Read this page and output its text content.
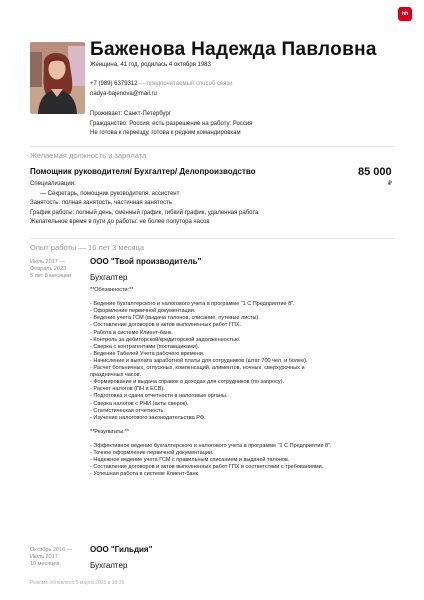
hh
Баженова Надежда Павловна
Женщина, 41 год, родилась 4 октября 1983
+7 (989) 6379312 — предпочитаемый способ связи
nadya-bajenova@mail.ru
Проживает: Санкт-Петербург
Гражданство: Россия, есть разрешение на работу: Россия
Не готова к переезду, готова к редким командировкам
Желаемая должность и зарплата
Помощник руководителя/ Бухгалтер/ Делопроизводство	85 000
₽
Специализации:
— Секретарь, помощник руководителя, ассистент
Занятость: полная занятость, частичная занятость
График работы: полный день, сменный график, гибкий график, удаленная работа
Желательное время в пути до работы: не более полутора часов
Опыт работы — 16 лет 3 месяца
Июль 2017 —
Февраль 2023
5 лет 8 месяцев
ООО "Твой производитель"
Бухгалтер
**Обязанности:**
- Ведение бухгалтерского и налогового учета в программе "1 С Предприятие 8".
- Оформление первичной документации.
- Ведение учета ГСМ (выдача талонов, списание, путевые листы).
- Составление договоров и актов выполненных работ ГПХ.
- Работа в системе Клиент-банк.
- Контроль за дебиторской/кредиторской задолженностью.
- Сверка с контрагентами (поставщиками).
- Ведение Табелей Учета рабочего времени.
- Начисление и выплата заработной платы для сотрудников (штат 700 чел. и более).
- Расчет больничных, отпускных, компенсаций, алиментов, ночных, сверхурочных и
праздничных часов.
- Формирование и выдача справок о доходах для сотрудников (по запросу).
- Расчет налогов (ПН и ЕСВ).
- Подготовка и сдача отчетности в налоговые органы.
- Сверка налогов с РНИ (акты сверок).
- Статистическая отчетность.
- Изучение налогового законодательства РФ.
**Результаты:**
- Эффективное ведение бухгалтерского и налогового учета в программе "1 С Предприятие 8".
- Точное оформление первичной документации.
- Надежное ведение учета ГСМ с правильным списанием и выдачей талонов.
- Составление договоров и актов выполненных работ ГПХ в соответствии с требованиями.
- Успешная работа в системе Клиент-банк
Октябрь 2016 —
Июль 2017
10 месяцев
ООО "Гильдия"
Бухгалтер
Резюме обновлено 5 марта 2025 в 18:39
